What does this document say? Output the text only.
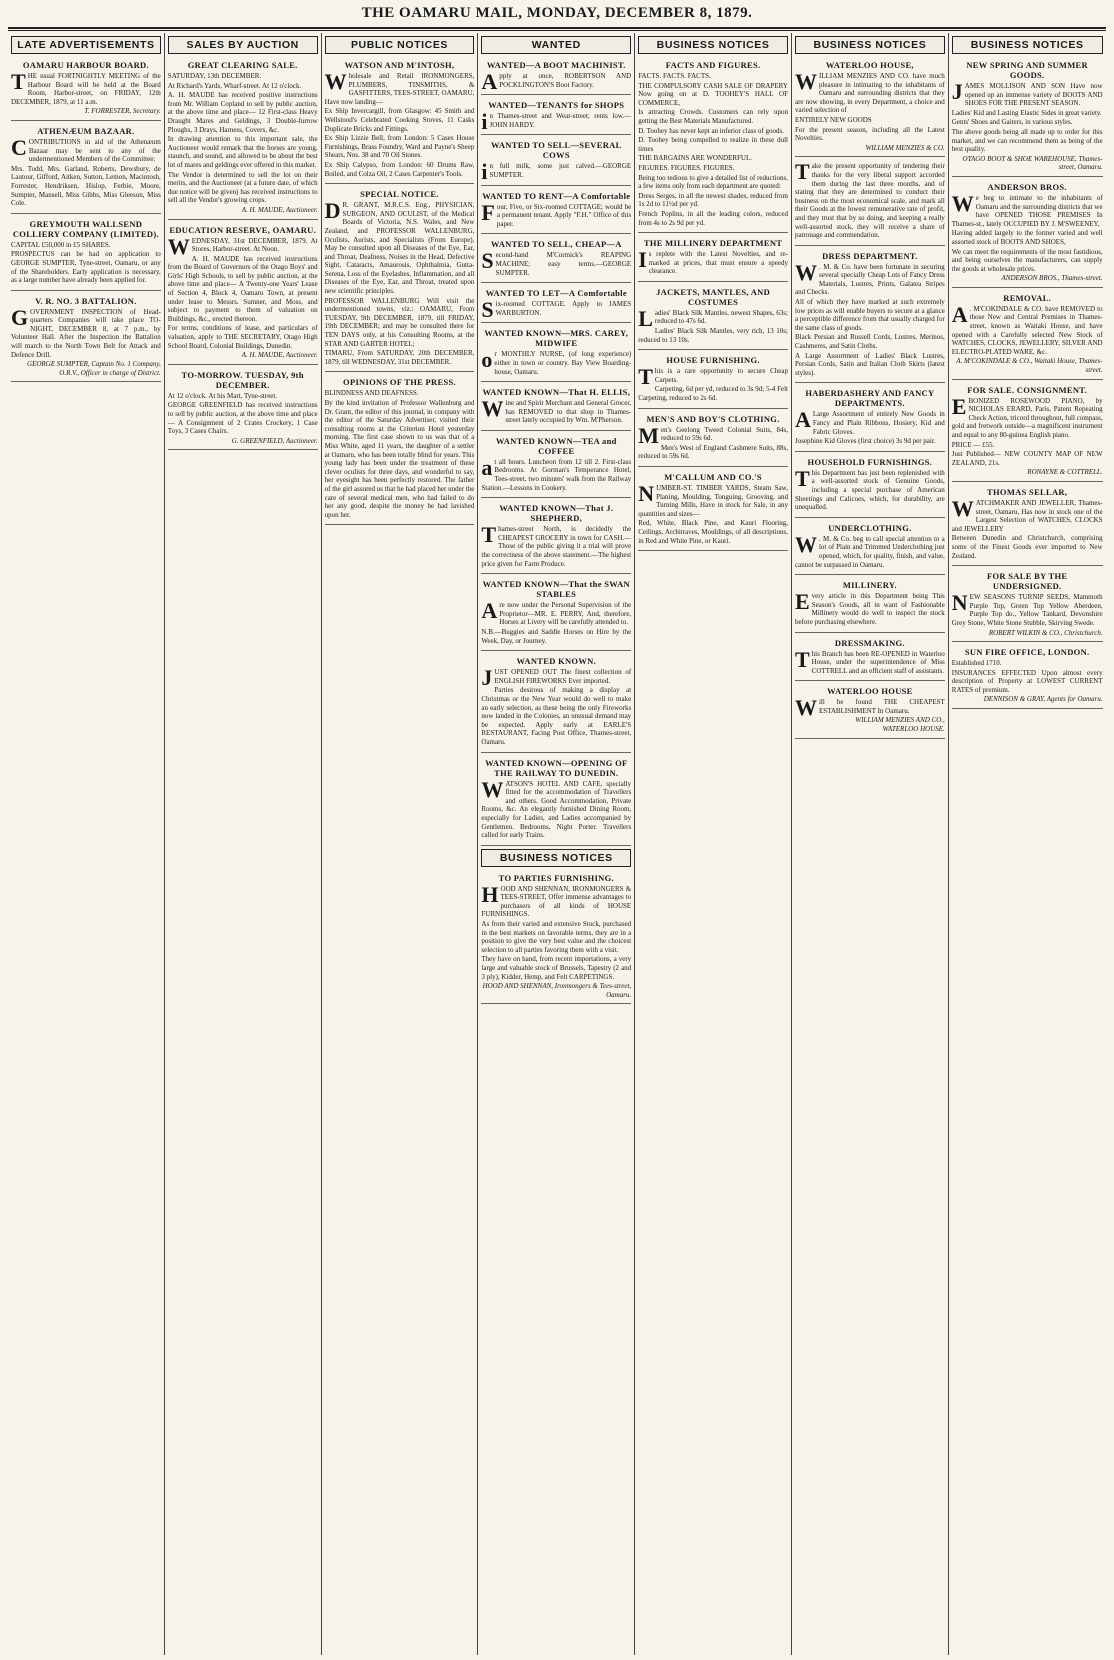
THE OAMARU MAIL, MONDAY, DECEMBER 8, 1879.
LATE ADVERTISEMENTS
OAMARU HARBOUR BOARD.

THE usual FORTNIGHTLY MEETING of the Harbour Board will be held at the Board Room, Harbor-street, on FRIDAY, 12th DECEMBER, 1879, at 11 a.m.

T. FORRESTER, Secretary.
ATHENÆUM BAZAAR.

CONTRIBUTIONS in aid of the Athenæum Bazaar may be sent to any of the undermentioned Members of the Committee:

Mrs. Todd, Mrs. Garland, Roberts, Dewsbury, de Lautour, Gifford, Aitken, Sutton, Lemon, Macintosh, Forrester, Hendriksen, Hislop, Ferbie, Moore, Sumpter, Mansell, Miss Gibbs, Miss Gleeson, Miss Cole.

GREYMOUTH WALLSEND COLLIERY COMPANY (LIMITED).

CAPITAL £50,000 in £5 SHARES.

PROSPECTUS can be had on application to GEORGE SUMPTER, Tyne-street, Oamaru, or any of the Shareholders. Early application is necessary, as a large number have already been applied for.

V. R. NO. 3 BATTALION.

GOVERNMENT INSPECTION of Head-quarters Companies will take place TO-NIGHT, DECEMBER 8, at 7 p.m., by Volunteer Hall. After the Inspection the Battalion will march to the North Town Belt for Attack and Defence Drill.

GEORGE SUMPTER, Captain No. 1 Company, O.R.V., Officer in charge of District.
SALES BY AUCTION
GREAT CLEARING SALE.

SATURDAY, 13th DECEMBER.

At Richard's Yards, Wharf-street. At 12 o'clock.

A. H. MAUDE has received positive instructions from Mr. William Copland to sell by public auction, at the above time and place— 12 First-class Heavy Draught Mares and Geldings, 3 Double-furrow Ploughs, 3 Drays, Harness, Covers, &c.

In drawing attention to this important sale, the Auctioneer would remark that the horses are young, staunch, and sound, and allowed to be about the best lot of mares and geldings ever offered in this market.

The Vendor is determined to sell the lot on their merits, and the Auctioneer (at a future date, of which due notice will be given) has received instructions to sell all the Vendor's growing crops.

A. H. MAUDE, Auctioneer.
EDUCATION RESERVE, OAMARU.

WEDNESDAY, 31st DECEMBER, 1879. At Stores, Harbor-street. At Noon.

A. H. MAUDE has received instructions from the Board of Governors of the Otago Boys' and Girls' High Schools, to sell by public auction, at the above time and place— A Twenty-one Years' Lease of Section 4, Block 4, Oamaru Town, at present under lease to Messrs. Sumner, and Moss, and subject to payment to them of valuation on Buildings, &c., erected thereon.

For terms, conditions of lease, and particulars of valuation, apply to THE SECRETARY, Otago High School Board, Colonial Buildings, Dunedin.

A. H. MAUDE, Auctioneer.
TO-MORROW. TUESDAY, 9th DECEMBER.

At 12 o'clock. At his Mart, Tyne-street.

GEORGE GREENFIELD has received instructions to sell by public auction, at the above time and place— A Consignment of 2 Crates Crockery, 1 Case Toys, 3 Cases Chairs.

G. GREENFIELD, Auctioneer.
PUBLIC NOTICES
WATSON AND M'INTOSH,

Wholesale and Retail IRONMONGERS, PLUMBERS, TINSMITHS, & GASFITTERS, TEES-STREET, OAMARU, Have now landing—

Ex Ship Invercargill, from Glasgow: 45 Smith and Wellstood's Celebrated Cooking Stoves, 11 Casks Duplicate Bricks and Fittings.

Ex Ship Lizzie Bell, from London: 5 Cases House Furnishings, Brass Foundry, Ward and Payne's Sheep Shears, Nos. 38 and 70 Oil Stones.

Ex Ship Calypso, from London: 60 Drums Raw, Boiled, and Colza Oil, 2 Cases Carpenter's Tools.

SPECIAL NOTICE.

D R. GRANT, M.R.C.S. Eng., PHYSICIAN, SURGEON, AND OCULIST, of the Medical Boards of Victoria, N.S. Wales, and New Zealand, and PROFESSOR WALLENBURG, Oculists, Aurists, and Specialists (From Europe), May be consulted upon all Diseases of the Eye, Ear, and Throat, Deafness, Noises in the Head, Defective Sight, Cataracts, Amaurosis, Ophthalmia, Gutta-Serena, Loss of the Eyelashes, Inflammation, and all Diseases of the Eye, Ear, and Throat, treated upon new scientific principles.

PROFESSOR WALLENBURG Will visit the undermentioned towns, viz.: OAMARU, From TUESDAY, 9th DECEMBER, 1879, till FRIDAY, 19th DECEMBER; and may be consulted there for TEN DAYS only, at his Consulting Rooms, at the STAR AND GARTER HOTEL;

TIMARU, From SATURDAY, 20th DECEMBER, 1879, till WEDNESDAY, 31st DECEMBER.

OPINIONS OF THE PRESS.

BLINDNESS AND DEAFNESS.

By the kind invitation of Professor Wallenburg and Dr. Grant, the editor of this journal, in company with the editor of the Saturday Advertiser, visited their consulting rooms at the Criterion Hotel yesterday morning. The first case shown to us was that of a Miss White, aged 11 years, the daughter of a settler at Oamaru, who has been totally blind for years. This young lady has been under the treatment of these clever oculists for three days, and wonderful to say, her eyesight has been perfectly restored. The father of the girl assured us that he had placed her under the care of several medical men, who had failed to do her any good, despite the money he had lavished upon her.

WANTED
WANTED—A BOOT MACHINIST.

Apply at once, ROBERTSON AND POCKLINGTON'S Boot Factory.

WANTED—TENANTS for SHOPS

in Thames-street and Wear-street; rents low.—JOHN HARDY.

WANTED TO SELL—SEVERAL COWS

in full milk, some just calved.—GEORGE SUMPTER.

WANTED TO RENT—A Comfortable

Four, Five, or Six-roomed COTTAGE; would be a permanent tenant. Apply "F.H." Office of this paper.

WANTED TO SELL, CHEAP—A

Second-hand M'Cormick's REAPING MACHINE; easy terms.—GEORGE SUMPTER.

WANTED TO LET—A Comfortable

Six-roomed COTTAGE. Apply to JAMES WARBURTON.

WANTED KNOWN—MRS. CAREY, MIDWIFE

or MONTHLY NURSE, (of long experience) either in town or country. Bay View Boarding-house, Oamaru.

WANTED KNOWN—That H. ELLIS,

Wine and Spirit Merchant and General Grocer, has REMOVED to that shop in Thames-street lately occupied by Wm. M'Pherson.

WANTED KNOWN—TEA and COFFEE

at all hours. Luncheon from 12 till 2. First-class Bedrooms. At Gorman's Temperance Hotel, Tees-street, two minutes' walk from the Railway Station.—Lessons in Cookery.

WANTED KNOWN—That J. SHEPHERD,

Thames-street North, is decidedly the CHEAPEST GROCERY in town for CASH.—Those of the public giving it a trial will prove the correctness of the above statement.—The highest price given for Farm Produce.

WANTED KNOWN—That the SWAN STABLES

Are now under the Personal Supervision of the Proprietor—MR. E. PERRY, And, therefore, Horses at Livery will be carefully attended to.

N.B.—Buggies and Saddle Horses on Hire by the Week, Day, or Journey.

WANTED KNOWN.

JUST OPENED OUT The finest collection of ENGLISH FIREWORKS Ever imported.

Parties desirous of making a display at Christmas or the New Year would do well to make an early selection, as these being the only Fireworks now landed in the Colonies, an unusual demand may be expected. Apply early at EARLE'S RESTAURANT, Facing Post Office, Thames-street, Oamaru.

WANTED KNOWN—OPENING OF THE RAILWAY TO DUNEDIN.

WATSON'S HOTEL AND CAFE, specially fitted for the accommodation of Travellers and others. Good Accommodation, Private Rooms, &c. An elegantly furnished Dining Room, especially for Ladies, and Ladies accompanied by Gentlemen. Bedrooms, Night Porter. Travellers called for early Trains.

BUSINESS NOTICES
TO PARTIES FURNISHING.

HOOD AND SHENNAN, IRONMONGERS & TEES-STREET, Offer immense advantages to purchasers of all kinds of HOUSE FURNISHINGS.

As from their varied and extensive Stock, purchased in the best markets on favorable terms, they are in a position to give the very best value and the choicest selection to all parties favoring them with a visit.

They have on hand, from recent importations, a very large and valuable stock of Brussels, Tapestry (2 and 3 ply), Kidder, Hemp, and Felt CARPETINGS.

HOOD AND SHENNAN, Ironmongers & Tees-street, Oamaru.
BUSINESS NOTICES
FACTS AND FIGURES.

FACTS. FACTS. FACTS.

THE COMPULSORY CASH SALE OF DRAPERY Now going on at D. TOOHEY'S HALL OF COMMERCE,

Is attracting Crowds. Customers can rely upon getting the Best Materials Manufactured.

D. Toohey has never kept an inferior class of goods.

D. Toohey being compelled to realize in these dull times

THE BARGAINS ARE WONDERFUL.

FIGURES. FIGURES. FIGURES.

Being too tedious to give a detailed list of reductions, a few items only from each department are quoted:

Dress Serges, in all the newest shades, reduced from 1s 2d to 11½d per yd.

French Poplins, in all the leading colors, reduced from 4s to 2s 9d per yd.

THE MILLINERY DEPARTMENT

Is replete with the Latest Novelties, and re-marked at prices, that must ensure a speedy clearance.

JACKETS, MANTLES, AND COSTUMES

Ladies' Black Silk Mantles, newest Shapes, 63s; reduced to 47s 6d.

Ladies' Black Silk Mantles, very rich, 13 10s; reduced to 13 10s.

HOUSE FURNISHING.

This is a rare opportunity to secure Cheap Carpets.

Carpeting, 6d per yd, reduced to 3s 9d; 5-4 Felt Carpeting, reduced to 2s 6d.

MEN'S AND BOY'S CLOTHING.

Men's Geelong Tweed Colonial Suits, 84s, reduced to 59s 6d.

Men's West of England Cashmere Suits, 88s, reduced to 59s 6d.

M'CALLUM AND CO.'S

NUMBER-ST. TIMBER YARDS, Steam Saw, Planing, Moulding, Tonguing, Grooving, and Turning Mills, Have in stock for Sale, in any quantities and sizes—

Red, White, Black Pine, and Kauri Flooring, Ceilings, Architraves, Mouldings, of all descriptions, in Red and White Pine, or Kauri.

BUSINESS NOTICES
WATERLOO HOUSE,

WILLIAM MENZIES AND CO. have much pleasure in intimating to the inhabitants of Oamaru and surrounding districts that they are now showing, in every Department, a choice and varied selection of

ENTIRELY NEW GOODS

For the present season, including all the Latest Novelties.

WILLIAM MENZIES & CO.

Take the present opportunity of tendering their thanks for the very liberal support accorded them during the last three months, and of stating that they are determined to conduct their business on the most economical scale, and mark all their Goods at the lowest remunerative rate of profit, and they trust that by so doing, and keeping a really well-assorted stock, they will receive a share of patronage and commendation.

DRESS DEPARTMENT.

W . M. & Co. have been fortunate in securing several specially Cheap Lots of Fancy Dress Materials, Lustres, Prints, Galatea Stripes and Checks.

All of which they have marked at such extremely low prices as will enable buyers to secure at a glance a perceptible difference from that usually charged for the same class of goods.

Black Persian and Russell Cords, Lustres, Merinos, Cashmeres, and Satin Cloths.

A Large Assortment of Ladies' Black Lustres, Persian Cords, Satin and Italian Cloth Skirts (latest styles).

HABERDASHERY AND FANCY DEPARTMENTS.

A Large Assortment of entirely New Goods in Fancy and Plain Ribbons, Hosiery, Kid and Fabric Gloves.

Josephine Kid Gloves (first choice) 3s 9d per pair.

HOUSEHOLD FURNISHINGS.

This Department has just been replenished with a well-assorted stock of Genuine Goods, including a special purchase of American Sheetings and Calicoes, which, for durability, are unequalled.

UNDERCLOTHING.

W . M. & Co. beg to call special attention to a lot of Plain and Trimmed Underclothing just opened, which, for quality, finish, and value, cannot be surpassed in Oamaru.

MILLINERY.

Every article in this Department being This Season's Goods, all in want of Fashionable Millinery would do well to inspect the stock before purchasing elsewhere.

DRESSMAKING.

This Branch has been RE-OPENED in Waterloo House, under the superintendence of Miss COTTRELL and an efficient staff of assistants.

WATERLOO HOUSE

Will be found THE CHEAPEST ESTABLISHMENT In Oamaru.

WILLIAM MENZIES AND CO., WATERLOO HOUSE.
BUSINESS NOTICES
NEW SPRING AND SUMMER GOODS.

JAMES MOLLISON AND SON Have now opened up an immense variety of BOOTS AND SHOES FOR THE PRESENT SEASON.

Ladies' Kid and Lasting Elastic Sides in great variety.

Gents' Shoes and Gaiters, in various styles.

The above goods being all made up to order for this market, and we can recommend them as being of the best quality.

OTAGO BOOT & SHOE WAREHOUSE, Thames-street, Oamaru.
ANDERSON BROS.

We beg to intimate to the inhabitants of Oamaru and the surrounding districts that we have OPENED THOSE PREMISES In Thames-st., lately OCCUPIED BY J. M'SWEENEY,

Having added largely to the former varied and well assorted stock of BOOTS AND SHOES,

We can meet the requirements of the most fastidious, and being ourselves the manufacturers, can supply the goods at wholesale prices.

ANDERSON BROS., Thames-street.
REMOVAL.

A . M'COKINDALE & CO. have REMOVED to those New and Central Premises in Thames-street, known as Waitaki House, and have opened with a Carefully selected New Stock of WATCHES, CLOCKS, JEWELLERY, SILVER AND ELECTRO-PLATED WARE, &c.

A. M'COKINDALE & CO., Waitaki House, Thames-street.
FOR SALE. CONSIGNMENT.

EBONIZED ROSEWOOD PIANO, by NICHOLAS ERARD, Paris, Patent Repeating Check Action, tricord throughout, full compass, gold and fretwork outside—a magnificent instrument and equal to any 80-guinea English piano.

PRICE — £55.

Just Published— NEW COUNTY MAP OF NEW ZEALAND, 21s.

RONAYNE & COTTRELL.
THOMAS SELLAR,

WATCHMAKER AND JEWELLER, Thames-street, Oamaru, Has now in stock one of the Largest Selection of WATCHES, CLOCKS and JEWELLERY

Between Dunedin and Christchurch, comprising some of the Finest Goods ever imported to New Zealand.

FOR SALE BY THE UNDERSIGNED.

NEW SEASONS TURNIP SEEDS, Mammoth Purple Top, Green Top Yellow Aberdeen, Purple Top do., Yellow Tankard, Devonshire Grey Stone, White Stone Stubble, Skirving Swede.

ROBERT WILKIN & CO., Christchurch.
SUN FIRE OFFICE, LONDON.

Established 1710.

INSURANCES EFFECTED Upon almost every description of Property at LOWEST CURRENT RATES of premium.

DENNISON & GRAY, Agents for Oamaru.
